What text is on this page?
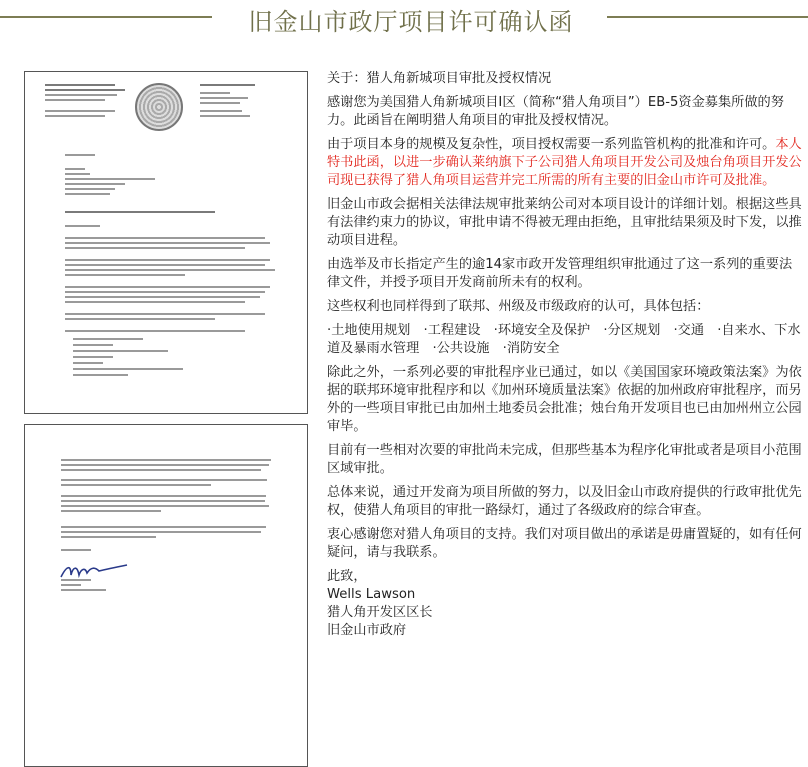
旧金山市政厅项目许可确认函

关于：猎人角新城项目审批及授权情况

感谢您为美国猎人角新城项目I区（简称“猎人角项目”）EB-5资金募集所做的努力。此函旨在阐明猎人角项目的审批及授权情况。

由于项目本身的规模及复杂性，项目授权需要一系列监管机构的批准和许可。本人特书此函，以进一步确认莱纳旗下子公司猎人角项目开发公司及烛台角项目开发公司现已获得了猎人角项目运营并完工所需的所有主要的旧金山市许可及批准。

旧金山市政会据相关法律法规审批莱纳公司对本项目设计的详细计划。根据这些具有法律约束力的协议，审批申请不得被无理由拒绝，且审批结果须及时下发，以推动项目进程。

由选举及市长指定产生的逾14家市政开发管理组织审批通过了这一系列的重要法律文件，并授予项目开发商前所未有的权利。

这些权利也同样得到了联邦、州级及市级政府的认可，具体包括：

·土地使用规划　·工程建设　·环境安全及保护　·分区规划　·交通　·自来水、下水道及暴雨水管理　·公共设施　·消防安全

除此之外，一系列必要的审批程序业已通过，如以《美国国家环境政策法案》为依据的联邦环境审批程序和以《加州环境质量法案》依据的加州政府审批程序，而另外的一些项目审批已由加州土地委员会批准；烛台角开发项目也已由加州州立公园审毕。

目前有一些相对次要的审批尚未完成，但那些基本为程序化审批或者是项目小范围区域审批。

总体来说，通过开发商为项目所做的努力，以及旧金山市政府提供的行政审批优先权，使猎人角项目的审批一路绿灯，通过了各级政府的综合审查。

衷心感谢您对猎人角项目的支持。我们对项目做出的承诺是毋庸置疑的，如有任何疑问，请与我联系。

此致，

Wells Lawson

猎人角开发区区长

旧金山市政府
